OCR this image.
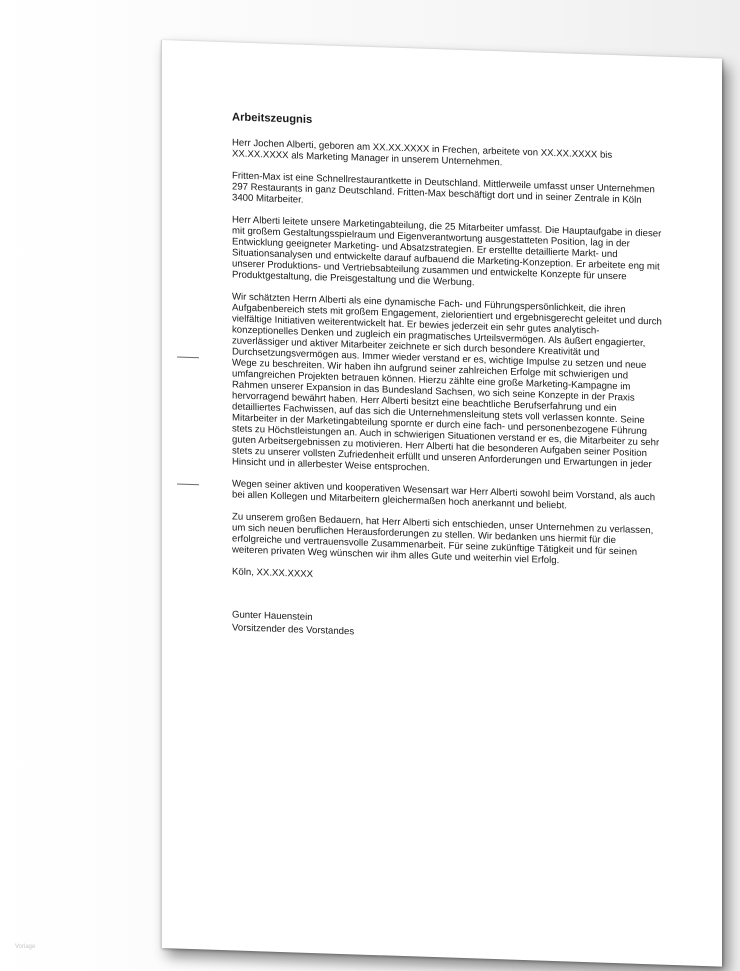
Arbeitszeugnis

Herr Jochen Alberti, geboren am XX.XX.XXXX in Frechen, arbeitete von XX.XX.XXXX bis XX.XX.XXXX als Marketing Manager in unserem Unternehmen.

Fritten-Max ist eine Schnellrestaurantkette in Deutschland. Mittlerweile umfasst unser Unternehmen 297 Restaurants in ganz Deutschland. Fritten-Max beschäftigt dort und in seiner Zentrale in Köln 3400 Mitarbeiter.

Herr Alberti leitete unsere Marketingabteilung, die 25 Mitarbeiter umfasst. Die Hauptaufgabe in dieser mit großem Gestaltungsspielraum und Eigenverantwortung ausgestatteten Position, lag in der Entwicklung geeigneter Marketing- und Absatzstrategien. Er erstellte detaillierte Markt- und Situationsanalysen und entwickelte darauf aufbauend die Marketing-Konzeption. Er arbeitete eng mit unserer Produktions- und Vertriebsabteilung zusammen und entwickelte Konzepte für unsere Produktgestaltung, die Preisgestaltung und die Werbung.

Wir schätzten Herrn Alberti als eine dynamische Fach- und Führungspersönlichkeit, die ihren Aufgabenbereich stets mit großem Engagement, zielorientiert und ergebnisgerecht geleitet und durch vielfältige Initiativen weiterentwickelt hat. Er bewies jederzeit ein sehr gutes analytisch-konzeptionelles Denken und zugleich ein pragmatisches Urteilsvermögen. Als äußert engagierter, zuverlässiger und aktiver Mitarbeiter zeichnete er sich durch besondere Kreativität und Durchsetzungsvermögen aus. Immer wieder verstand er es, wichtige Impulse zu setzen und neue Wege zu beschreiten. Wir haben ihn aufgrund seiner zahlreichen Erfolge mit schwierigen und umfangreichen Projekten betrauen können. Hierzu zählte eine große Marketing-Kampagne im Rahmen unserer Expansion in das Bundesland Sachsen, wo sich seine Konzepte in der Praxis hervorragend bewährt haben. Herr Alberti besitzt eine beachtliche Berufserfahrung und ein detailliertes Fachwissen, auf das sich die Unternehmensleitung stets voll verlassen konnte. Seine Mitarbeiter in der Marketingabteilung spornte er durch eine fach- und personenbezogene Führung stets zu Höchstleistungen an. Auch in schwierigen Situationen verstand er es, die Mitarbeiter zu sehr guten Arbeitsergebnissen zu motivieren. Herr Alberti hat die besonderen Aufgaben seiner Position stets zu unserer vollsten Zufriedenheit erfüllt und unseren Anforderungen und Erwartungen in jeder Hinsicht und in allerbester Weise entsprochen.

Wegen seiner aktiven und kooperativen Wesensart war Herr Alberti sowohl beim Vorstand, als auch bei allen Kollegen und Mitarbeitern gleichermaßen hoch anerkannt und beliebt.

Zu unserem großen Bedauern, hat Herr Alberti sich entschieden, unser Unternehmen zu verlassen, um sich neuen beruflichen Herausforderungen zu stellen. Wir bedanken uns hiermit für die erfolgreiche und vertrauensvolle Zusammenarbeit. Für seine zukünftige Tätigkeit und für seinen weiteren privaten Weg wünschen wir ihm alles Gute und weiterhin viel Erfolg.

Köln, XX.XX.XXXX
Gunter Hauenstein
Vorsitzender des Vorstandes
Vorlage
